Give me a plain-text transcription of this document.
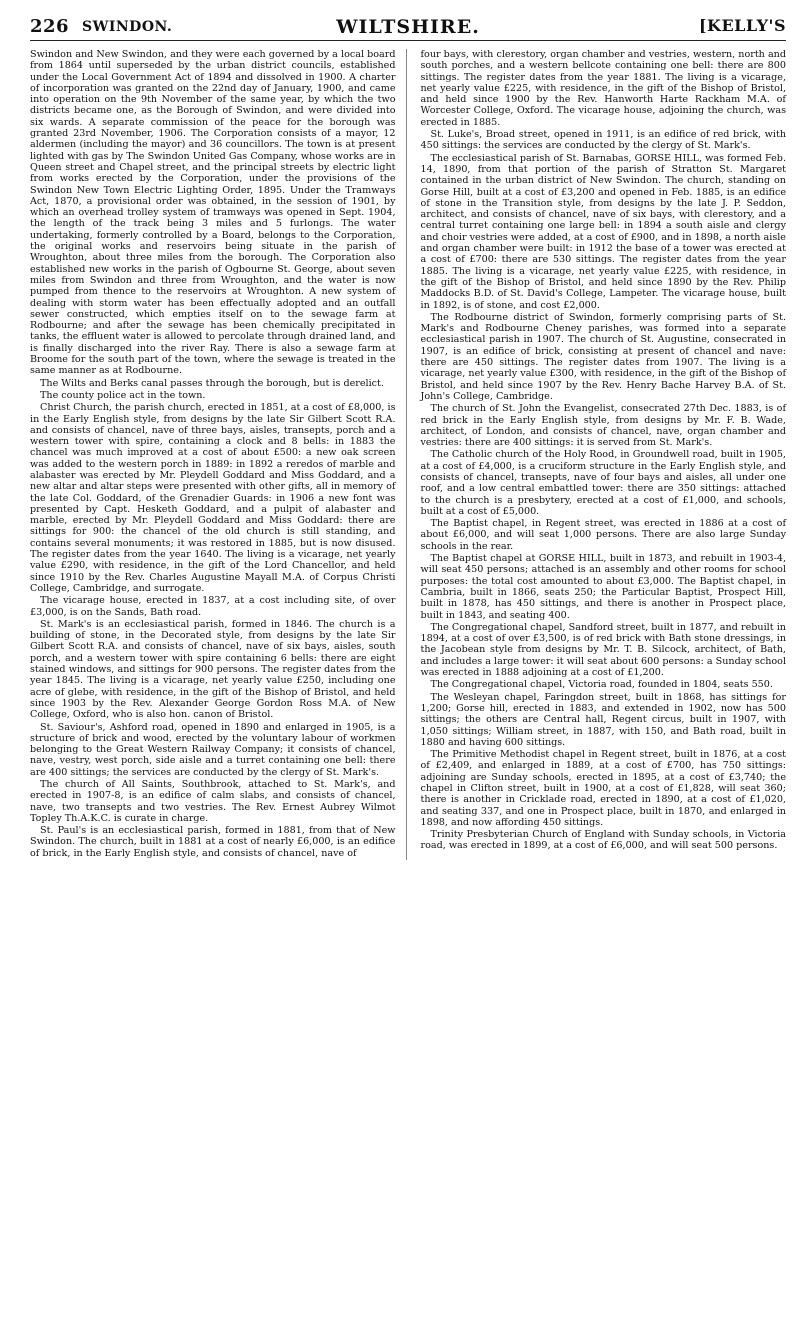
226 SWINDON.	WILTSHIRE.	[KELLY'S

Swindon and New Swindon, and they were each governed by a local board from 1864 until superseded by the urban district councils, established under the Local Government Act of 1894 and dissolved in 1900. A charter of incorporation was granted on the 22nd day of January, 1900, and came into operation on the 9th November of the same year, by which the two districts became one, as the Borough of Swindon, and were divided into six wards. A separate commission of the peace for the borough was granted 23rd November, 1906. The Corporation consists of a mayor, 12 aldermen (including the mayor) and 36 councillors. The town is at present lighted with gas by The Swindon United Gas Company, whose works are in Queen street and Chapel street, and the principal streets by electric light from works erected by the Corporation, under the provisions of the Swindon New Town Electric Lighting Order, 1895. Under the Tramways Act, 1870, a provisional order was obtained, in the session of 1901, by which an overhead trolley system of tramways was opened in Sept. 1904, the length of the track being 3 miles and 5 furlongs. The water undertaking, formerly controlled by a Board, belongs to the Corporation, the original works and reservoirs being situate in the parish of Wroughton, about three miles from the borough. The Corporation also established new works in the parish of Ogbourne St. George, about seven miles from Swindon and three from Wroughton, and the water is now pumped from thence to the reservoirs at Wroughton. A new system of dealing with storm water has been effectually adopted and an outfall sewer constructed, which empties itself on to the sewage farm at Rodbourne; and after the sewage has been chemically precipitated in tanks, the effluent water is allowed to percolate through drained land, and is finally discharged into the river Ray. There is also a sewage farm at Broome for the south part of the town, where the sewage is treated in the same manner as at Rodbourne.

The Wilts and Berks canal passes through the borough, but is derelict.

The county police act in the town.

Christ Church, the parish church, erected in 1851, at a cost of £8,000, is in the Early English style, from designs by the late Sir Gilbert Scott R.A. and consists of chancel, nave of three bays, aisles, transepts, porch and a western tower with spire, containing a clock and 8 bells: in 1883 the chancel was much improved at a cost of about £500: a new oak screen was added to the western porch in 1889: in 1892 a reredos of marble and alabaster was erected by Mr. Pleydell Goddard and Miss Goddard, and a new altar and altar steps were presented with other gifts, all in memory of the late Col. Goddard, of the Grenadier Guards: in 1906 a new font was presented by Capt. Hesketh Goddard, and a pulpit of alabaster and marble, erected by Mr. Pleydell Goddard and Miss Goddard: there are sittings for 900: the chancel of the old church is still standing, and contains several monuments; it was restored in 1885, but is now disused. The register dates from the year 1640. The living is a vicarage, net yearly value £290, with residence, in the gift of the Lord Chancellor, and held since 1910 by the Rev. Charles Augustine Mayall M.A. of Corpus Christi College, Cambridge, and surrogate.

The vicarage house, erected in 1837, at a cost including site, of over £3,000, is on the Sands, Bath road.

St. Mark's is an ecclesiastical parish, formed in 1846. The church is a building of stone, in the Decorated style, from designs by the late Sir Gilbert Scott R.A. and consists of chancel, nave of six bays, aisles, south porch, and a western tower with spire containing 6 bells: there are eight stained windows, and sittings for 900 persons. The register dates from the year 1845. The living is a vicarage, net yearly value £250, including one acre of glebe, with residence, in the gift of the Bishop of Bristol, and held since 1903 by the Rev. Alexander George Gordon Ross M.A. of New College, Oxford, who is also hon. canon of Bristol.

St. Saviour's, Ashford road, opened in 1890 and enlarged in 1905, is a structure of brick and wood, erected by the voluntary labour of workmen belonging to the Great Western Railway Company; it consists of chancel, nave, vestry, west porch, side aisle and a turret containing one bell: there are 400 sittings; the services are conducted by the clergy of St. Mark's.

The church of All Saints, Southbrook, attached to St. Mark's, and erected in 1907-8, is an edifice of calm slabs, and consists of chancel, nave, two transepts and two vestries. The Rev. Ernest Aubrey Wilmot Topley Th.A.K.C. is curate in charge.

St. Paul's is an ecclesiastical parish, formed in 1881, from that of New Swindon. The church, built in 1881 at a cost of nearly £6,000, is an edifice of brick, in the Early English style, and consists of chancel, nave of

four bays, with clerestory, organ chamber and vestries, western, north and south porches, and a western bellcote containing one bell: there are 800 sittings. The register dates from the year 1881. The living is a vicarage, net yearly value £225, with residence, in the gift of the Bishop of Bristol, and held since 1900 by the Rev. Hanworth Harte Rackham M.A. of Worcester College, Oxford. The vicarage house, adjoining the church, was erected in 1885.

St. Luke's, Broad street, opened in 1911, is an edifice of red brick, with 450 sittings: the services are conducted by the clergy of St. Mark's.

The ecclesiastical parish of St. Barnabas, GORSE HILL, was formed Feb. 14, 1890, from that portion of the parish of Stratton St. Margaret contained in the urban district of New Swindon. The church, standing on Gorse Hill, built at a cost of £3,200 and opened in Feb. 1885, is an edifice of stone in the Transition style, from designs by the late J. P. Seddon, architect, and consists of chancel, nave of six bays, with clerestory, and a central turret containing one large bell: in 1894 a south aisle and clergy and choir vestries were added, at a cost of £900, and in 1898, a north aisle and organ chamber were built: in 1912 the base of a tower was erected at a cost of £700: there are 530 sittings. The register dates from the year 1885. The living is a vicarage, net yearly value £225, with residence, in the gift of the Bishop of Bristol, and held since 1890 by the Rev. Philip Maddocks B.D. of St. David's College, Lampeter. The vicarage house, built in 1892, is of stone, and cost £2,000.

The Rodbourne district of Swindon, formerly comprising parts of St. Mark's and Rodbourne Cheney parishes, was formed into a separate ecclesiastical parish in 1907. The church of St. Augustine, consecrated in 1907, is an edifice of brick, consisting at present of chancel and nave: there are 450 sittings. The register dates from 1907. The living is a vicarage, net yearly value £300, with residence, in the gift of the Bishop of Bristol, and held since 1907 by the Rev. Henry Bache Harvey B.A. of St. John's College, Cambridge.

The church of St. John the Evangelist, consecrated 27th Dec. 1883, is of red brick in the Early English style, from designs by Mr. F. B. Wade, architect, of London, and consists of chancel, nave, organ chamber and vestries: there are 400 sittings: it is served from St. Mark's.

The Catholic church of the Holy Rood, in Groundwell road, built in 1905, at a cost of £4,000, is a cruciform structure in the Early English style, and consists of chancel, transepts, nave of four bays and aisles, all under one roof, and a low central embattled tower: there are 350 sittings: attached to the church is a presbytery, erected at a cost of £1,000, and schools, built at a cost of £5,000.

The Baptist chapel, in Regent street, was erected in 1886 at a cost of about £6,000, and will seat 1,000 persons. There are also large Sunday schools in the rear.

The Baptist chapel at GORSE HILL, built in 1873, and rebuilt in 1903-4, will seat 450 persons; attached is an assembly and other rooms for school purposes: the total cost amounted to about £3,000. The Baptist chapel, in Cambria, built in 1866, seats 250; the Particular Baptist, Prospect Hill, built in 1878, has 450 sittings, and there is another in Prospect place, built in 1843, and seating 400.

The Congregational chapel, Sandford street, built in 1877, and rebuilt in 1894, at a cost of over £3,500, is of red brick with Bath stone dressings, in the Jacobean style from designs by Mr. T. B. Silcock, architect, of Bath, and includes a large tower: it will seat about 600 persons: a Sunday school was erected in 1888 adjoining at a cost of £1,200.

The Congregational chapel, Victoria road, founded in 1804, seats 550.

The Wesleyan chapel, Faringdon street, built in 1868, has sittings for 1,200; Gorse hill, erected in 1883, and extended in 1902, now has 500 sittings; the others are Central hall, Regent circus, built in 1907, with 1,050 sittings; William street, in 1887, with 150, and Bath road, built in 1880 and having 600 sittings.

The Primitive Methodist chapel in Regent street, built in 1876, at a cost of £2,409, and enlarged in 1889, at a cost of £700, has 750 sittings: adjoining are Sunday schools, erected in 1895, at a cost of £3,740; the chapel in Clifton street, built in 1900, at a cost of £1,828, will seat 360; there is another in Cricklade road, erected in 1890, at a cost of £1,020, and seating 337, and one in Prospect place, built in 1870, and enlarged in 1898, and now affording 450 sittings.

Trinity Presbyterian Church of England with Sunday schools, in Victoria road, was erected in 1899, at a cost of £6,000, and will seat 500 persons.
